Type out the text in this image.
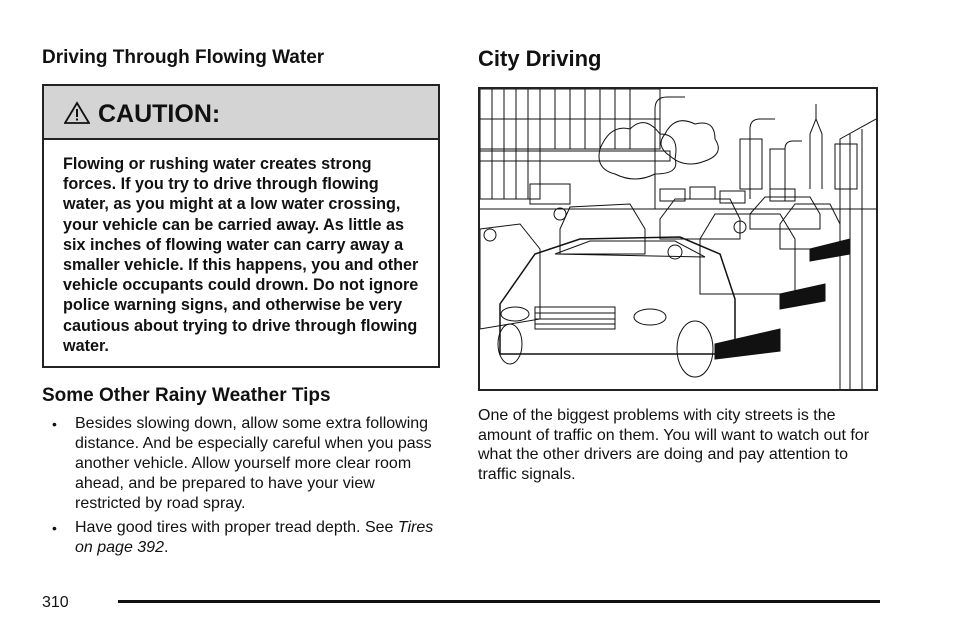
Driving Through Flowing Water
CAUTION:
Flowing or rushing water creates strong forces. If you try to drive through flowing water, as you might at a low water crossing, your vehicle can be carried away. As little as six inches of flowing water can carry away a smaller vehicle. If this happens, you and other vehicle occupants could drown. Do not ignore police warning signs, and otherwise be very cautious about trying to drive through flowing water.
Some Other Rainy Weather Tips
• Besides slowing down, allow some extra following distance. And be especially careful when you pass another vehicle. Allow yourself more clear room ahead, and be prepared to have your view restricted by road spray.
• Have good tires with proper tread depth. See Tires on page 392.
City Driving
One of the biggest problems with city streets is the amount of traffic on them. You will want to watch out for what the other drivers are doing and pay attention to traffic signals.
310
